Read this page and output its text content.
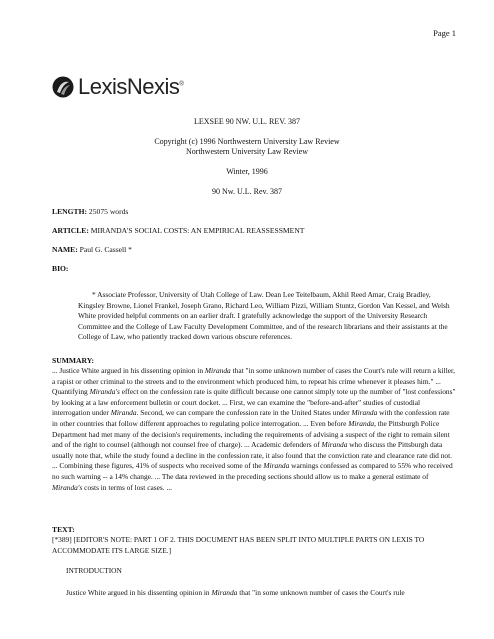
Page 1
LexisNexis®
LEXSEE 90 NW. U.L. REV. 387
Copyright (c) 1996 Northwestern University Law Review
Northwestern University Law Review
Winter, 1996
90 Nw. U.L. Rev. 387
LENGTH: 25075 words
ARTICLE: MIRANDA'S SOCIAL COSTS: AN EMPIRICAL REASSESSMENT
NAME: Paul G. Cassell *
BIO:
* Associate Professor, University of Utah College of Law. Dean Lee Teitelbaum, Akhil Reed Amar, Craig Bradley, Kingsley Browne, Lionel Frankel, Joseph Grano, Richard Leo, William Pizzi, William Stuntz, Gordon Van Kessel, and Welsh White provided helpful comments on an earlier draft. I gratefully acknowledge the support of the University Research Committee and the College of Law Faculty Development Committee, and of the research librarians and their assistants at the College of Law, who patiently tracked down various obscure references.
SUMMARY:
... Justice White argued in his dissenting opinion in Miranda that "in some unknown number of cases the Court's rule will return a killer, a rapist or other criminal to the streets and to the environment which produced him, to repeat his crime whenever it pleases him." ... Quantifying Miranda's effect on the confession rate is quite difficult because one cannot simply tote up the number of "lost confessions" by looking at a law enforcement bulletin or court docket. ... First, we can examine the "before-and-after" studies of custodial interrogation under Miranda. Second, we can compare the confession rate in the United States under Miranda with the confession rate in other countries that follow different approaches to regulating police interrogation. ... Even before Miranda, the Pittsburgh Police Department had met many of the decision's requirements, including the requirements of advising a suspect of the right to remain silent and of the right to counsel (although not counsel free of charge). ... Academic defenders of Miranda who discuss the Pittsburgh data usually note that, while the study found a decline in the confession rate, it also found that the conviction rate and clearance rate did not. ... Combining these figures, 41% of suspects who received some of the Miranda warnings confessed as compared to 55% who received no such warning -- a 14% change. ... The data reviewed in the preceding sections should allow us to make a general estimate of Miranda's costs in terms of lost cases. ...
TEXT:
[*389] [EDITOR'S NOTE: PART 1 OF 2. THIS DOCUMENT HAS BEEN SPLIT INTO MULTIPLE PARTS ON LEXIS TO ACCOMMODATE ITS LARGE SIZE.]
INTRODUCTION
Justice White argued in his dissenting opinion in Miranda that "in some unknown number of cases the Court's rule
